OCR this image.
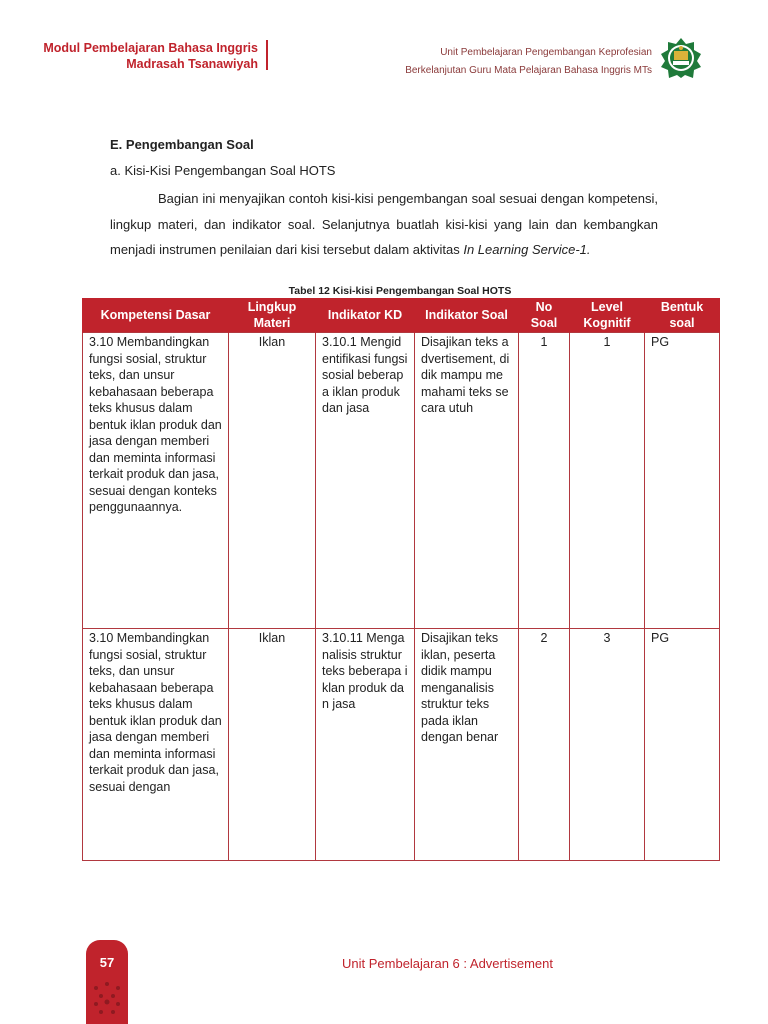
Modul Pembelajaran Bahasa Inggris
Madrasah Tsanawiyah
Unit Pembelajaran Pengembangan Keprofesian
Berkelanjutan Guru Mata Pelajaran Bahasa Inggris MTs

E. Pengembangan Soal

a. Kisi-Kisi Pengembangan Soal HOTS

Bagian ini menyajikan contoh kisi-kisi pengembangan soal sesuai dengan kompetensi, lingkup materi, dan indikator soal. Selanjutnya buatlah kisi-kisi yang lain dan kembangkan menjadi instrumen penilaian dari kisi tersebut dalam aktivitas In Learning Service-1.

Tabel 12 Kisi-kisi Pengembangan Soal HOTS
Kompetensi Dasar	Lingkup Materi	Indikator KD	Indikator Soal	No Soal	Level Kognitif	Bentuk soal
3.10 Membandingkan fungsi sosial, struktur teks, dan unsur kebahasaan beberapa teks khusus dalam bentuk iklan produk dan jasa dengan memberi dan meminta informasi terkait produk dan jasa, sesuai dengan konteks penggunaannya.	Iklan	3.10.1 Mengidentifikasi fungsi sosial beberapa iklan produk dan jasa	Disajikan teks advertisement, didik mampu memahami teks secara utuh	1	1	PG
3.10 Membandingkan fungsi sosial, struktur teks, dan unsur kebahasaan beberapa teks khusus dalam bentuk iklan produk dan jasa dengan memberi dan meminta informasi terkait produk dan jasa, sesuai dengan	Iklan	3.10.11 Menganalisis struktur teks beberapa iklan produk dan jasa	Disajikan teks iklan, peserta didik mampu menganalisis struktur teks pada iklan dengan benar	2	3	PG
57	Unit Pembelajaran 6 : Advertisement
